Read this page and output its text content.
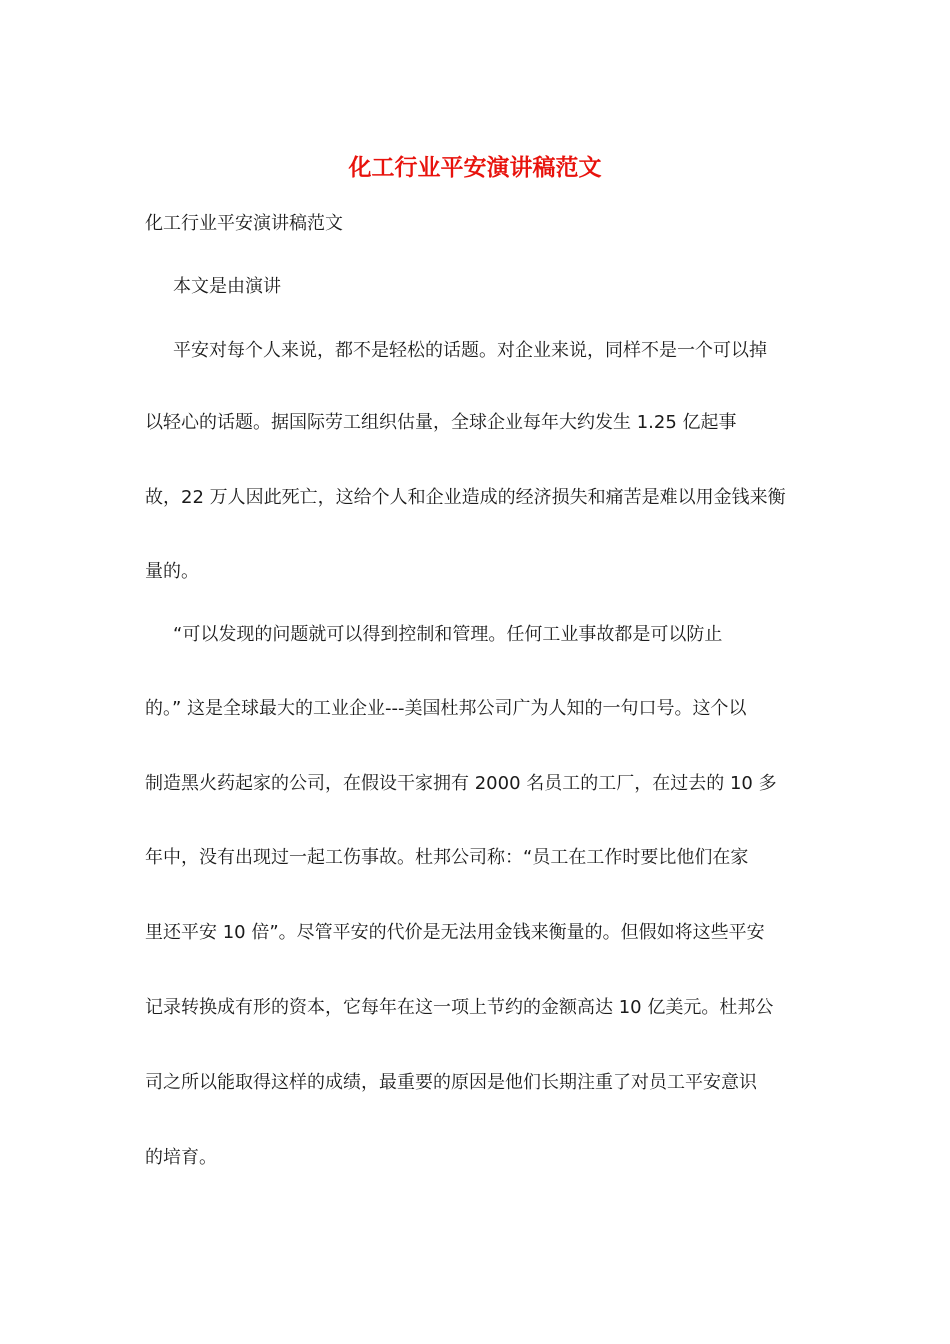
化工行业平安演讲稿范文

化工行业平安演讲稿范文

本文是由演讲

平安对每个人来说，都不是轻松的话题。对企业来说，同样不是一个可以掉

以轻心的话题。据国际劳工组织估量，全球企业每年大约发生 1.25 亿起事

故，22 万人因此死亡，这给个人和企业造成的经济损失和痛苦是难以用金钱来衡

量的。

“可以发现的问题就可以得到控制和管理。任何工业事故都是可以防止

的。” 这是全球最大的工业企业---美国杜邦公司广为人知的一句口号。这个以

制造黑火药起家的公司，在假设干家拥有 2000 名员工的工厂，在过去的 10 多

年中，没有出现过一起工伤事故。杜邦公司称：“员工在工作时要比他们在家

里还平安 10 倍”。尽管平安的代价是无法用金钱来衡量的。但假如将这些平安

记录转换成有形的资本，它每年在这一项上节约的金额高达 10 亿美元。杜邦公

司之所以能取得这样的成绩，最重要的原因是他们长期注重了对员工平安意识

的培育。
